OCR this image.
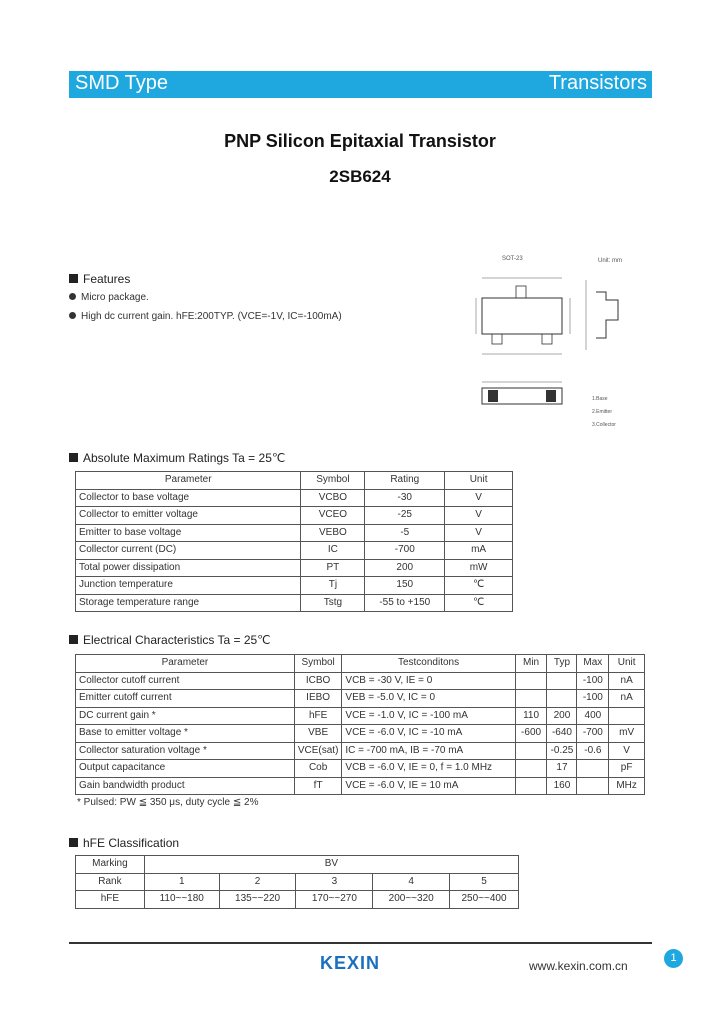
SMD Type	Transistors
PNP Silicon Epitaxial Transistor
2SB624
Features
Micro package.
High dc current gain. hFE:200TYP. (VCE=-1V, IC=-100mA)
SOT-23	Unit: mm
1.Base
2.Emitter
3.Collector
Absolute Maximum Ratings Ta = 25℃
Parameter	Symbol	Rating	Unit
Collector to base voltage	VCBO	-30	V
Collector to emitter voltage	VCEO	-25	V
Emitter to base voltage	VEBO	-5	V
Collector current (DC)	IC	-700	mA
Total power dissipation	PT	200	mW
Junction temperature	Tj	150	℃
Storage temperature range	Tstg	-55 to +150	℃
Electrical Characteristics Ta = 25℃
Parameter	Symbol	Testconditons	Min	Typ	Max	Unit
Collector cutoff current	ICBO	VCB = -30 V, IE = 0			-100	nA
Emitter cutoff current	IEBO	VEB = -5.0 V, IC = 0			-100	nA
DC current gain *	hFE	VCE = -1.0 V, IC = -100 mA	110	200	400	
Base to emitter voltage *	VBE	VCE = -6.0 V, IC = -10 mA	-600	-640	-700	mV
Collector saturation voltage *	VCE(sat)	IC = -700 mA, IB = -70 mA		-0.25	-0.6	V
Output capacitance	Cob	VCB = -6.0 V, IE = 0, f = 1.0 MHz		17		pF
Gain bandwidth product	fT	VCE = -6.0 V, IE = 10 mA		160		MHz
* Pulsed: PW ≦ 350 μs, duty cycle ≦ 2%
hFE Classification
Marking	BV				
Rank	1	2	3	4	5
hFE	110~~180	135~~220	170~~270	200~~320	250~~400
KEXIN	www.kexin.com.cn
1
